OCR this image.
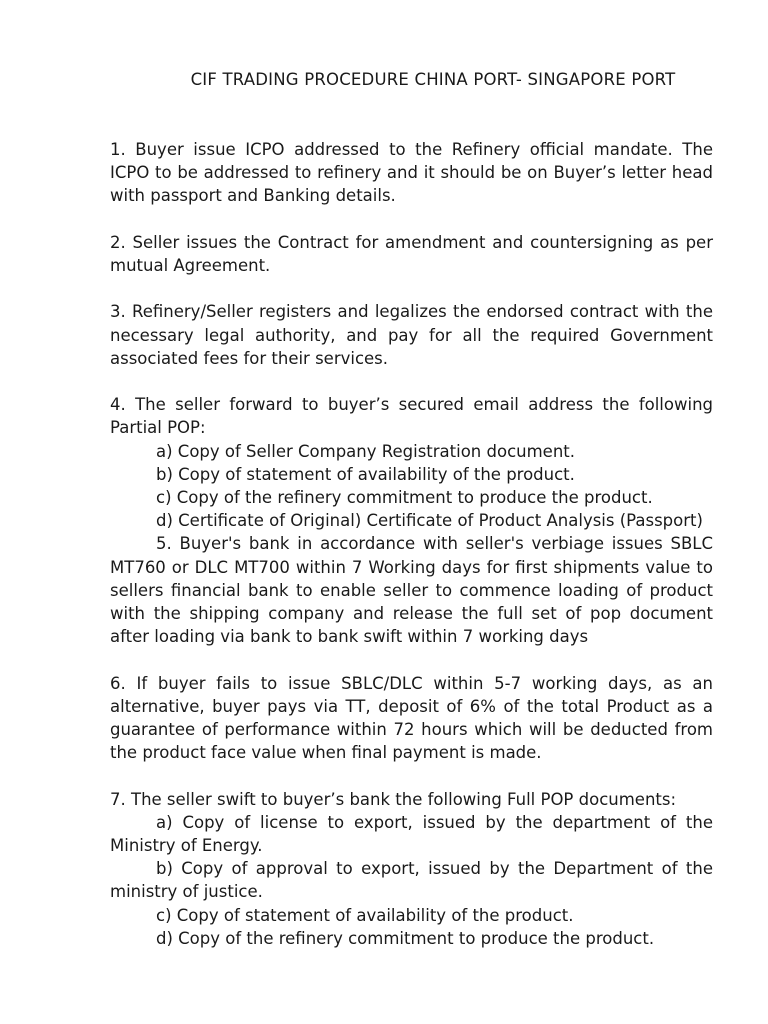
CIF TRADING PROCEDURE CHINA PORT- SINGAPORE PORT

1. Buyer issue ICPO addressed to the Refinery official mandate. The ICPO to be addressed to refinery and it should be on Buyer’s letter head with passport and Banking details.

2. Seller issues the Contract for amendment and countersigning as per mutual Agreement.

3. Refinery/Seller registers and legalizes the endorsed contract with the necessary legal authority, and pay for all the required Government associated fees for their services.

4. The seller forward to buyer’s secured email address the following Partial POP:

a) Copy of Seller Company Registration document.

b) Copy of statement of availability of the product.

c) Copy of the refinery commitment to produce the product.

d) Certificate of Original) Certificate of Product Analysis (Passport)

5. Buyer's bank in accordance with seller's verbiage issues SBLC MT760 or DLC MT700 within 7 Working days for first shipments value to sellers financial bank to enable seller to commence loading of product with the shipping company and release the full set of pop document after loading via bank to bank swift within 7 working days

6. If buyer fails to issue SBLC/DLC within 5-7 working days, as an alternative, buyer pays via TT, deposit of 6% of the total Product as a guarantee of performance within 72 hours which will be deducted from the product face value when final payment is made.

7. The seller swift to buyer’s bank the following Full POP documents:

a) Copy of license to export, issued by the department of the Ministry of Energy.

b) Copy of approval to export, issued by the Department of the ministry of justice.

c) Copy of statement of availability of the product.

d) Copy of the refinery commitment to produce the product.
